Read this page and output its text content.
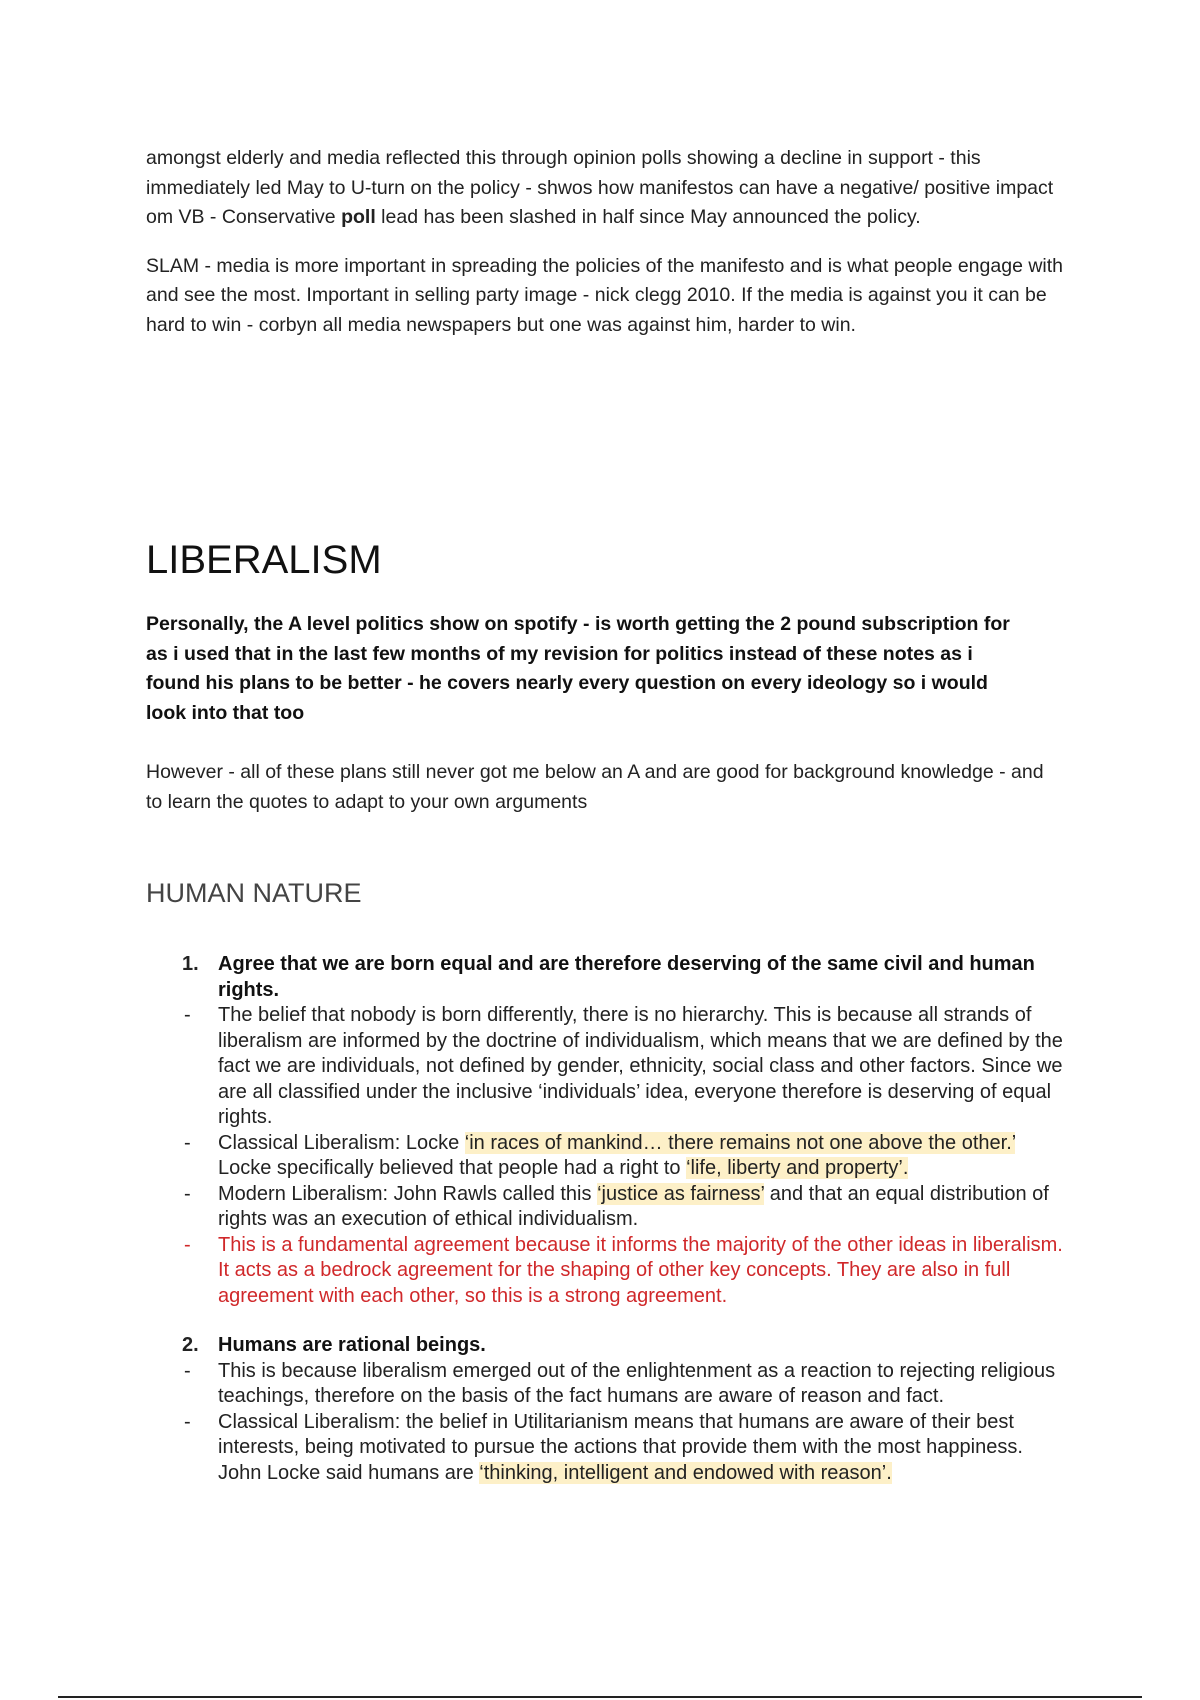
amongst elderly and media reflected this through opinion polls showing a decline in support - this immediately led May to U-turn on the policy - shwos how manifestos can have a negative/ positive impact om VB - Conservative poll lead has been slashed in half since May announced the policy.

SLAM - media is more important in spreading the policies of the manifesto and is what people engage with and see the most. Important in selling party image - nick clegg 2010. If the media is against you it can be hard to win - corbyn all media newspapers but one was against him, harder to win.

LIBERALISM

Personally, the A level politics show on spotify - is worth getting the 2 pound subscription for as i used that in the last few months of my revision for politics instead of these notes as i found his plans to be better - he covers nearly every question on every ideology so i would look into that too

However - all of these plans still never got me below an A and are good for background knowledge - and to learn the quotes to adapt to your own arguments

HUMAN NATURE
1. Agree that we are born equal and are therefore deserving of the same civil and human rights.
- The belief that nobody is born differently, there is no hierarchy. This is because all strands of liberalism are informed by the doctrine of individualism, which means that we are defined by the fact we are individuals, not defined by gender, ethnicity, social class and other factors. Since we are all classified under the inclusive ‘individuals’ idea, everyone therefore is deserving of equal rights.
- Classical Liberalism: Locke ‘in races of mankind… there remains not one above the other.’ Locke specifically believed that people had a right to ‘life, liberty and property’.
- Modern Liberalism: John Rawls called this ‘justice as fairness’ and that an equal distribution of rights was an execution of ethical individualism.
- This is a fundamental agreement because it informs the majority of the other ideas in liberalism. It acts as a bedrock agreement for the shaping of other key concepts. They are also in full agreement with each other, so this is a strong agreement.
2. Humans are rational beings.
- This is because liberalism emerged out of the enlightenment as a reaction to rejecting religious teachings, therefore on the basis of the fact humans are aware of reason and fact.
- Classical Liberalism: the belief in Utilitarianism means that humans are aware of their best interests, being motivated to pursue the actions that provide them with the most happiness.
John Locke said humans are ‘thinking, intelligent and endowed with reason’.
